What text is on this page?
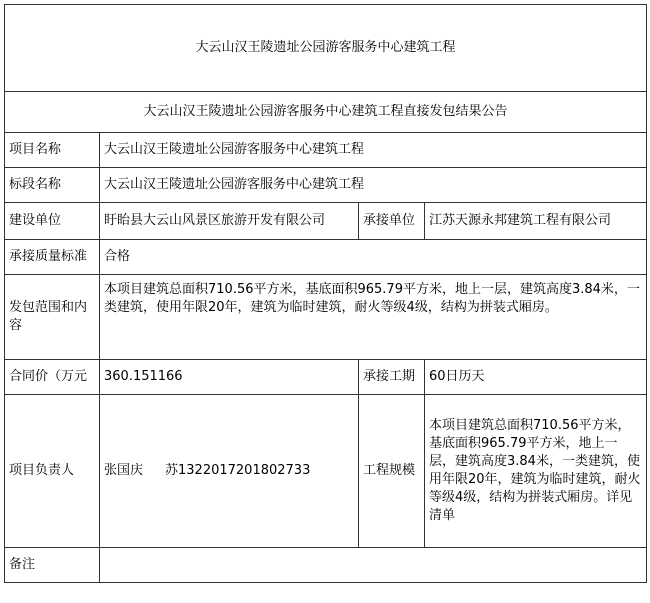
大云山汉王陵遗址公园游客服务中心建筑工程			
大云山汉王陵遗址公园游客服务中心建筑工程直接发包结果公告			
项目名称	大云山汉王陵遗址公园游客服务中心建筑工程		
标段名称	大云山汉王陵遗址公园游客服务中心建筑工程		
建设单位	盱眙县大云山风景区旅游开发有限公司	承接单位	江苏天源永邦建筑工程有限公司
承接质量标准	合格		
发包范围和内容	本项目建筑总面积710.56平方米，基底面积965.79平方米，地上一层，建筑高度3.84米，一类建筑，使用年限20年，建筑为临时建筑，耐火等级4级，结构为拼装式厢房。		
合同价（万元	360.151166	承接工期	60日历天
项目负责人	张国庆 苏1322017201802733	工程规模	本项目建筑总面积710.56平方米，基底面积965.79平方米，地上一层，建筑高度3.84米，一类建筑，使用年限20年，建筑为临时建筑，耐火等级4级，结构为拼装式厢房。详见清单
备注			
